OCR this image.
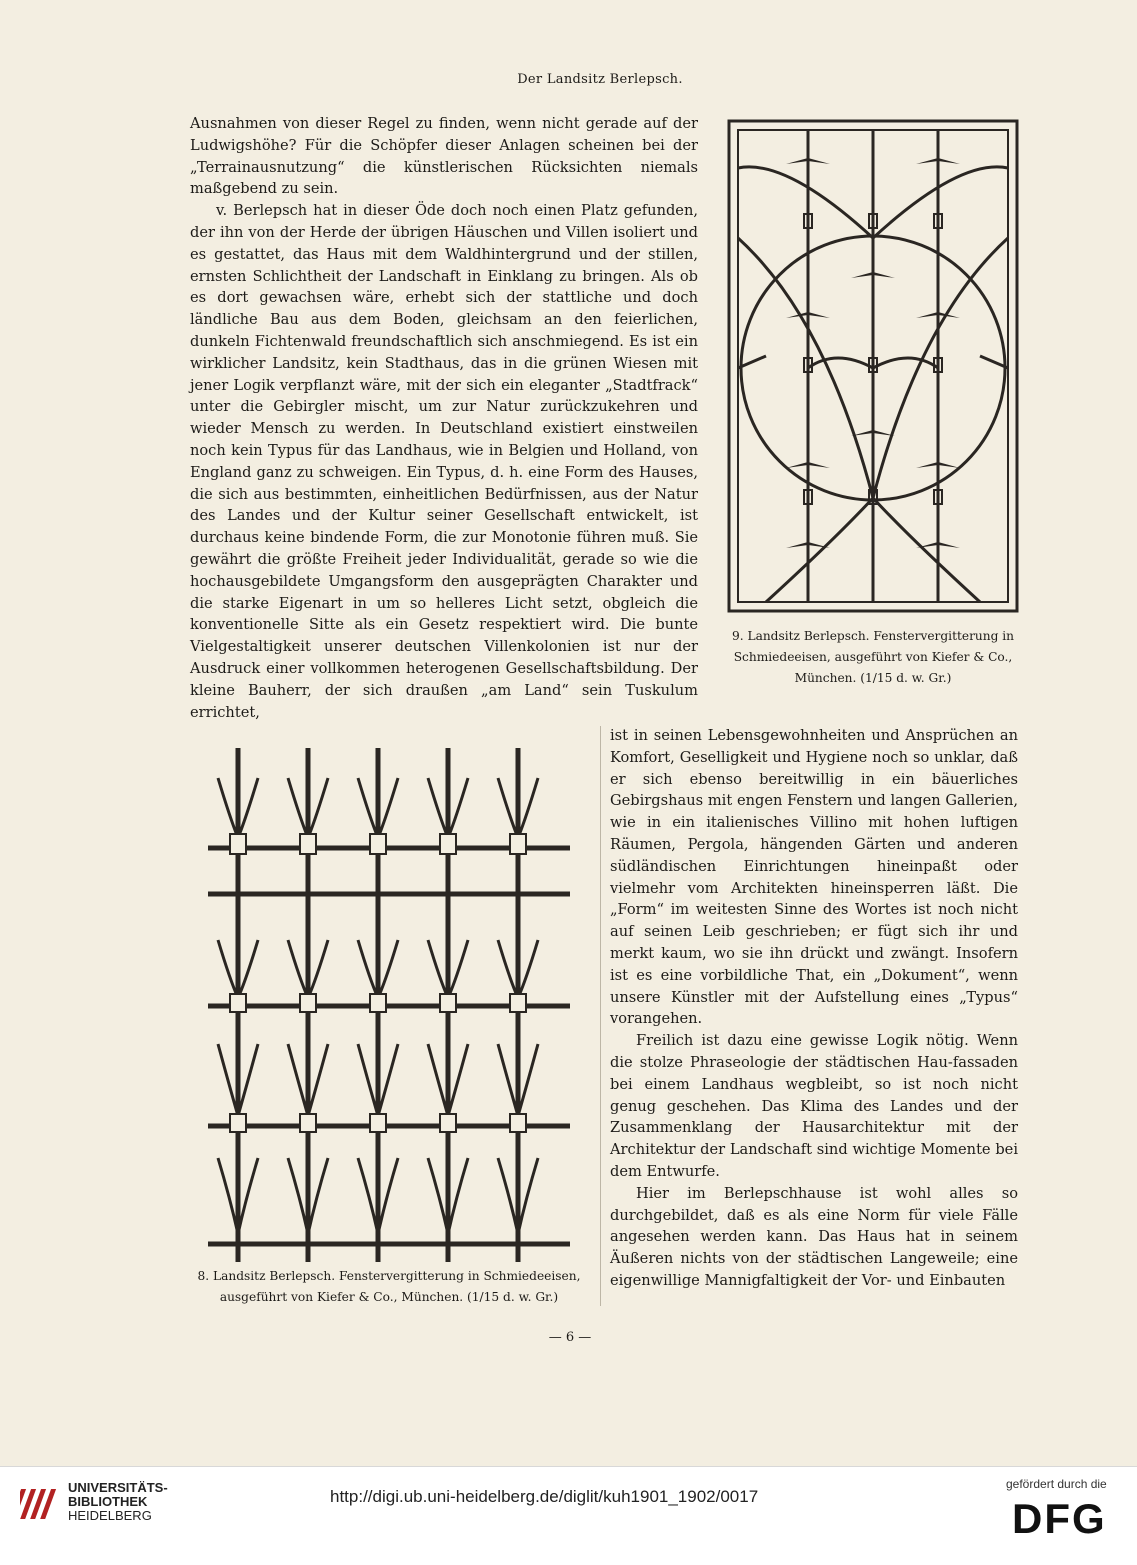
Der Landsitz Berlepsch.

Ausnahmen von dieser Regel zu finden, wenn nicht gerade auf der Ludwigshöhe? Für die Schöpfer dieser Anlagen scheinen bei der „Terrainausnutzung“ die künstlerischen Rücksichten niemals maßgebend zu sein.

v. Berlepsch hat in dieser Öde doch noch einen Platz gefunden, der ihn von der Herde der übrigen Häuschen und Villen isoliert und es gestattet, das Haus mit dem Waldhintergrund und der stillen, ernsten Schlichtheit der Landschaft in Einklang zu bringen. Als ob es dort gewachsen wäre, erhebt sich der stattliche und doch ländliche Bau aus dem Boden, gleichsam an den feierlichen, dunkeln Fichtenwald freundschaftlich sich anschmiegend. Es ist ein wirklicher Landsitz, kein Stadthaus, das in die grünen Wiesen mit jener Logik verpflanzt wäre, mit der sich ein eleganter „Stadtfrack“ unter die Gebirgler mischt, um zur Natur zurückzukehren und wieder Mensch zu werden. In Deutschland existiert einstweilen noch kein Typus für das Landhaus, wie in Belgien und Holland, von England ganz zu schweigen. Ein Typus, d. h. eine Form des Hauses, die sich aus bestimmten, einheitlichen Bedürfnissen, aus der Natur des Landes und der Kultur seiner Gesellschaft entwickelt, ist durchaus keine bindende Form, die zur Monotonie führen muß. Sie gewährt die größte Freiheit jeder Individualität, gerade so wie die hochausgebildete Umgangsform den ausgeprägten Charakter und die starke Eigenart in um so helleres Licht setzt, obgleich die konventionelle Sitte als ein Gesetz respektiert wird. Die bunte Vielgestaltigkeit unserer deutschen Villenkolonien ist nur der Ausdruck einer vollkommen heterogenen Gesellschaftsbildung. Der kleine Bauherr, der sich draußen „am Land“ sein Tuskulum errichtet,

9. Landsitz Berlepsch. Fenstervergitterung in
Schmiedeeisen, ausgeführt von Kiefer & Co.,
München. (1/15 d. w. Gr.)
8. Landsitz Berlepsch. Fenstervergitterung in Schmiedeeisen,
ausgeführt von Kiefer & Co., München. (1/15 d. w. Gr.)

ist in seinen Lebensgewohnheiten und Ansprüchen an Komfort, Geselligkeit und Hygiene noch so unklar, daß er sich ebenso bereitwillig in ein bäuerliches Gebirgshaus mit engen Fenstern und langen Gallerien, wie in ein italienisches Villino mit hohen luftigen Räumen, Pergola, hängenden Gärten und anderen südländischen Einrichtungen hineinpaßt oder vielmehr vom Architekten hineinsperren läßt. Die „Form“ im weitesten Sinne des Wortes ist noch nicht auf seinen Leib geschrieben; er fügt sich ihr und merkt kaum, wo sie ihn drückt und zwängt. Insofern ist es eine vorbildliche That, ein „Dokument“, wenn unsere Künstler mit der Aufstellung eines „Typus“ vorangehen.

Freilich ist dazu eine gewisse Logik nötig. Wenn die stolze Phraseologie der städtischen Hau-fassaden bei einem Landhaus wegbleibt, so ist noch nicht genug geschehen. Das Klima des Landes und der Zusammenklang der Hausarchitektur mit der Architektur der Landschaft sind wichtige Momente bei dem Entwurfe.

Hier im Berlepschhause ist wohl alles so durchgebildet, daß es als eine Norm für viele Fälle angesehen werden kann. Das Haus hat in seinem Äußeren nichts von der städtischen Langeweile; eine eigenwillige Mannigfaltigkeit der Vor- und Einbauten

— 6 —
UNIVERSITÄTS-
BIBLIOTHEK
HEIDELBERG
http://digi.ub.uni-heidelberg.de/diglit/kuh1901_1902/0017
gefördert durch die
DFG
